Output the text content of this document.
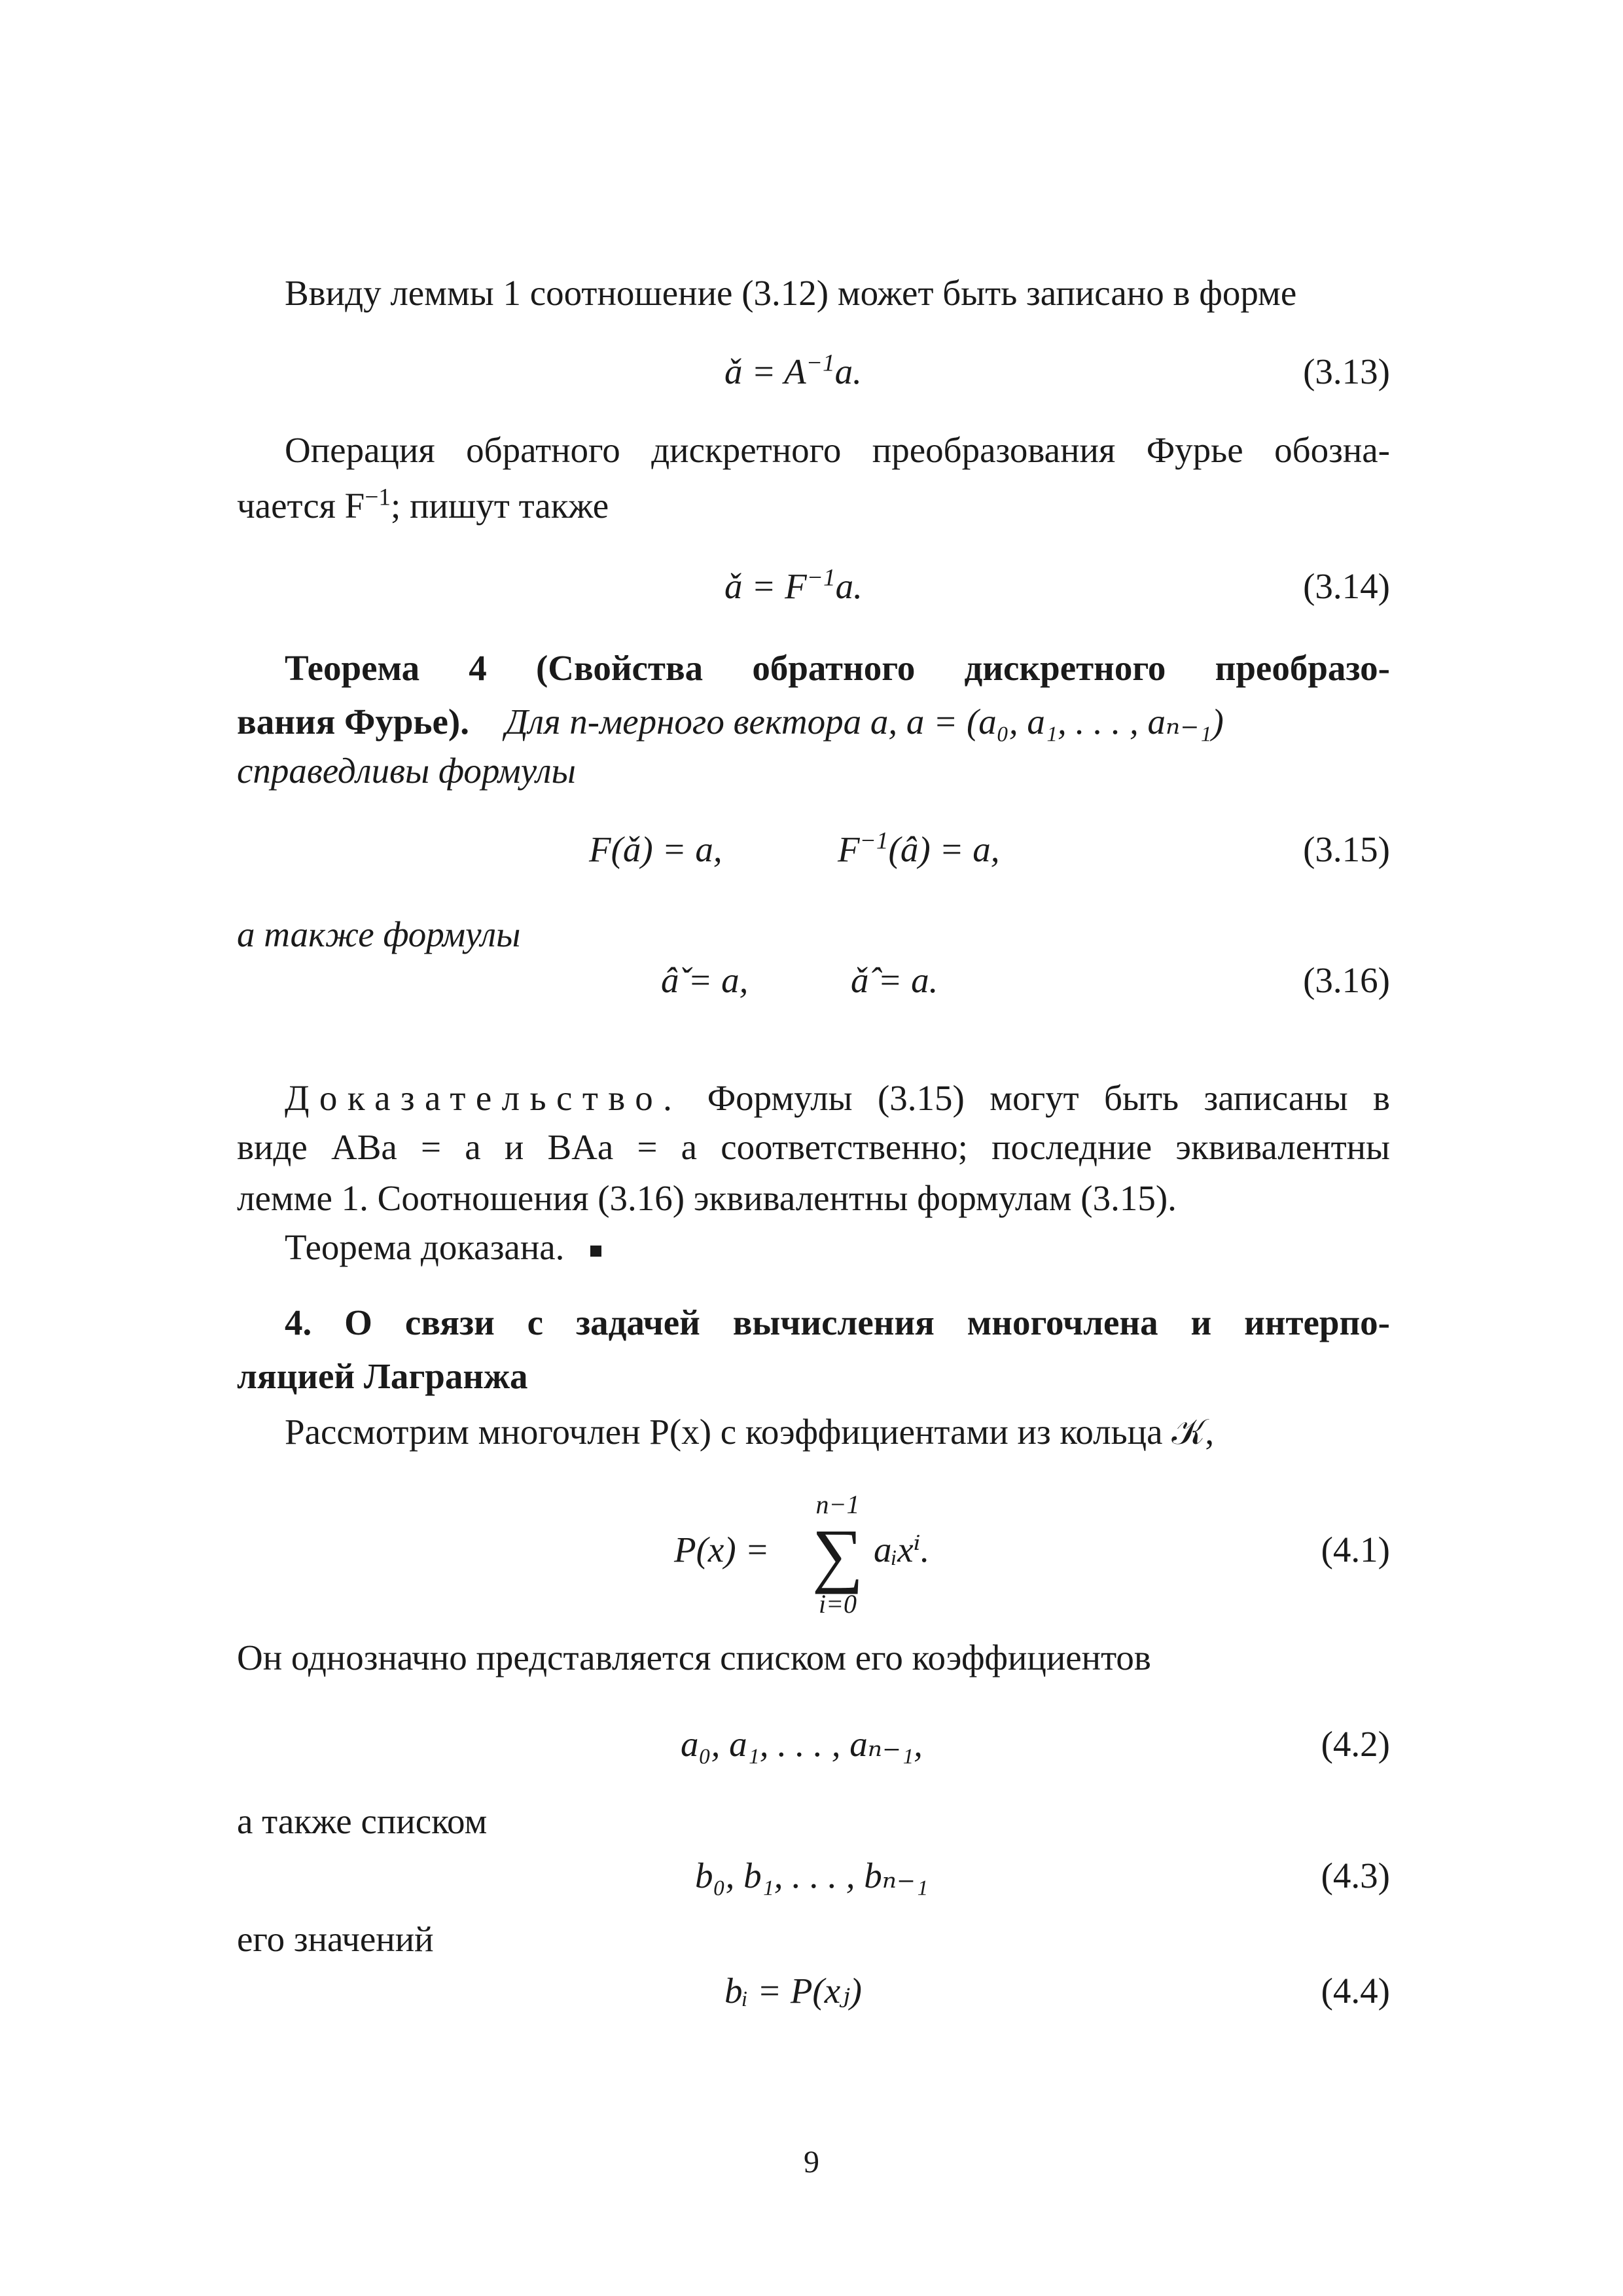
Ввиду леммы 1 соотношение (3.12) может быть записано в форме
ǎ = $A^{-1}a$.	(3.13)
Операция обратного дискретного преобразования Фурье обозна-
чается $F^{-1}$; пишут также
ǎ = $F^{-1}a$.	(3.14)
Теорема 4 (Свойства обратного дискретного преобразо-
вания Фурье). Для n-мерного вектора a, a = (a₀, a₁, . . . , aₙ₋₁)
справедливы формулы
F(ǎ) = a,	$F^{-1}(â) = a$,	(3.15)
а также формулы
â̌ = a,	ǎ̂ = a.	(3.16)
Доказательство. Формулы (3.15) могут быть записаны в
виде ABa = a и BAa = a соответственно; последние эквивалентны
лемме 1. Соотношения (3.16) эквивалентны формулам (3.15).
Теорема доказана.
4. О связи с задачей вычисления многочлена и интерпо-
ляцией Лагранжа
Рассмотрим многочлен P(x) с коэффициентами из кольца 𝒦,
P(x) =
n−1
∑
i=0
aᵢxⁱ.	(4.1)
Он однозначно представляется списком его коэффициентов
a₀, a₁, . . . , aₙ₋₁,	(4.2)
а также списком
b₀, b₁, . . . , bₙ₋₁	(4.3)
его значений
bᵢ = P(xⱼ)	(4.4)
9
